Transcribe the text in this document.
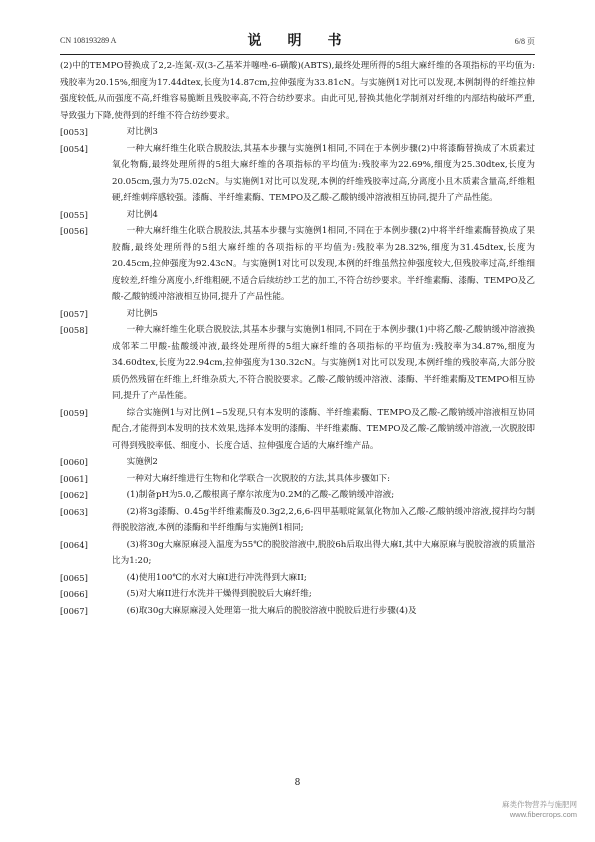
CN 108193289 A	说　明　书	6/8 页
(2)中的TEMPO替换成了2,2-连氮-双(3-乙基苯并噻唑-6-磺酸)(ABTS),最终处理所得的5组大麻纤维的各项指标的平均值为:残胶率为20.15%,细度为17.44dtex,长度为14.87cm,拉伸强度为33.81cN。与实施例1对比可以发现,本例制得的纤维拉伸强度较低,从而强度不高,纤维容易脆断且残胶率高,不符合纺纱要求。由此可见,替换其他化学制剂对纤维的内部结构破坏严重,导致强力下降,使得到的纤维不符合纺纱要求。
[0053]	对比例3
[0054]	一种大麻纤维生化联合脱胶法,其基本步骤与实施例1相同,不同在于本例步骤(2)中将漆酶替换成了木质素过氧化物酶,最终处理所得的5组大麻纤维的各项指标的平均值为:残胶率为22.69%,细度为25.30dtex,长度为20.05cm,强力为75.02cN。与实施例1对比可以发现,本例的纤维残胶率过高,分离度小且木质素含量高,纤维粗硬,纤维刺痒感较强。漆酶、半纤维素酶、TEMPO及乙酸-乙酸钠缓冲溶液相互协同,提升了产品性能。
[0055]	对比例4
[0056]	一种大麻纤维生化联合脱胶法,其基本步骤与实施例1相同,不同在于本例步骤(2)中将半纤维素酶替换成了果胶酶,最终处理所得的5组大麻纤维的各项指标的平均值为:残胶率为28.32%,细度为31.45dtex,长度为20.45cm,拉伸强度为92.43cN。与实施例1对比可以发现,本例的纤维虽然拉伸强度较大,但残胶率过高,纤维细度较差,纤维分离度小,纤维粗硬,不适合后续纺纱工艺的加工,不符合纺纱要求。半纤维素酶、漆酶、TEMPO及乙酸-乙酸钠缓冲溶液相互协同,提升了产品性能。
[0057]	对比例5
[0058]	一种大麻纤维生化联合脱胶法,其基本步骤与实施例1相同,不同在于本例步骤(1)中将乙酸-乙酸钠缓冲溶液换成邻苯二甲酸-盐酸缓冲液,最终处理所得的5组大麻纤维的各项指标的平均值为:残胶率为34.87%,细度为34.60dtex,长度为22.94cm,拉伸强度为130.32cN。与实施例1对比可以发现,本例纤维的残胶率高,大部分胶质仍然残留在纤维上,纤维杂质大,不符合脱胶要求。乙酸-乙酸钠缓冲溶液、漆酶、半纤维素酶及TEMPO相互协同,提升了产品性能。
[0059]	综合实施例1与对比例1~5发现,只有本发明的漆酶、半纤维素酶、TEMPO及乙酸-乙酸钠缓冲溶液相互协同配合,才能得到本发明的技术效果,选择本发明的漆酶、半纤维素酶、TEMPO及乙酸-乙酸钠缓冲溶液,一次脱胶即可得到残胶率低、细度小、长度合适、拉伸强度合适的大麻纤维产品。
[0060]	实施例2
[0061]	一种对大麻纤维进行生物和化学联合一次脱胶的方法,其具体步骤如下:
[0062]	(1)制备pH为5.0,乙酸根离子摩尔浓度为0.2M的乙酸-乙酸钠缓冲溶液;
[0063]	(2)将3g漆酶、0.45g半纤维素酶及0.3g2,2,6,6-四甲基哌啶氮氧化物加入乙酸-乙酸钠缓冲溶液,搅拌均匀制得脱胶溶液,本例的漆酶和半纤维酶与实施例1相同;
[0064]	(3)将30g大麻原麻浸入温度为55℃的脱胶溶液中,脱胶6h后取出得大麻I,其中大麻原麻与脱胶溶液的质量浴比为1:20;
[0065]	(4)使用100℃的水对大麻I进行冲洗得到大麻II;
[0066]	(5)对大麻II进行水洗并干燥得到脱胶后大麻纤维;
[0067]	(6)取30g大麻原麻浸入处理第一批大麻后的脱胶溶液中脱胶后进行步骤(4)及
8
麻类作物营养与施肥网
www.fibercrops.com
